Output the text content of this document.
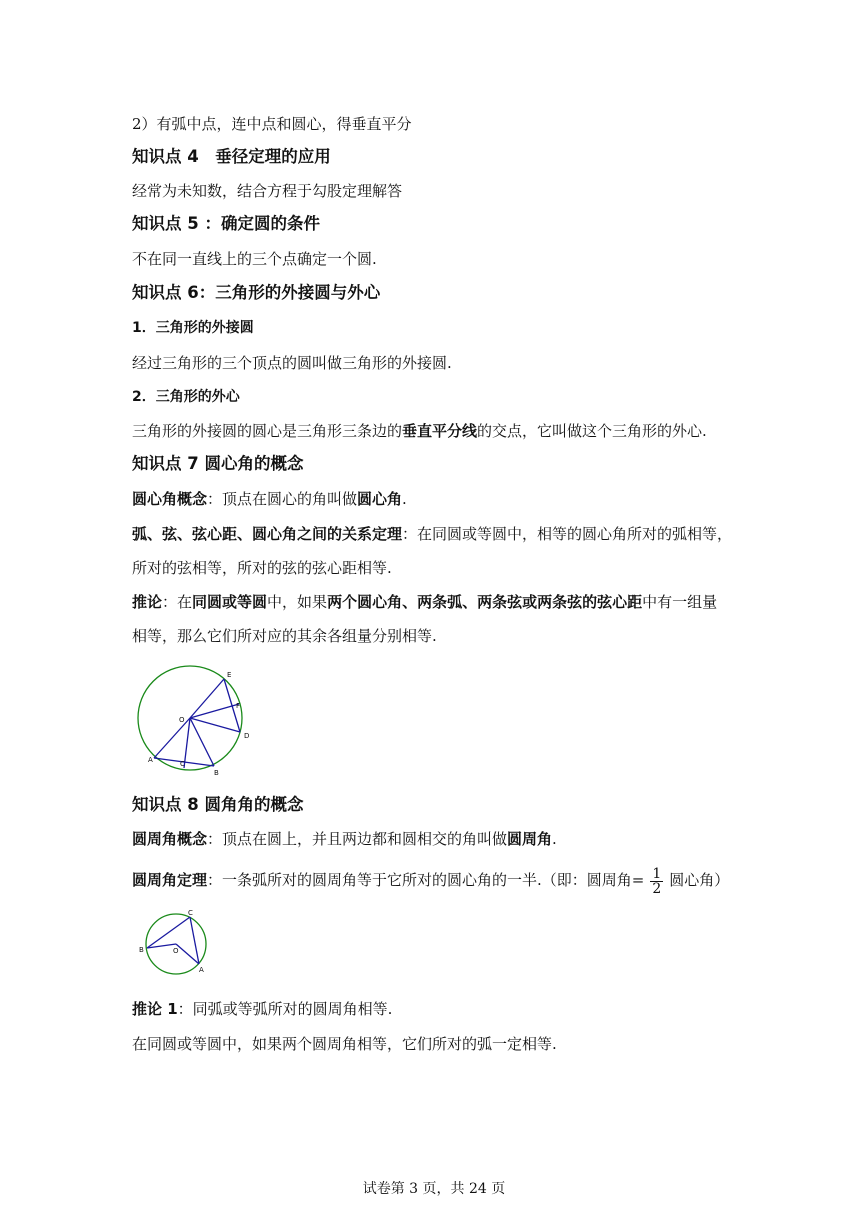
2）有弧中点，连中点和圆心，得垂直平分
知识点 4　垂径定理的应用
经常为未知数，结合方程于勾股定理解答
知识点 5 ：确定圆的条件
不在同一直线上的三个点确定一个圆.
知识点 6：三角形的外接圆与外心
1．三角形的外接圆
经过三角形的三个顶点的圆叫做三角形的外接圆.
2．三角形的外心
三角形的外接圆的圆心是三角形三条边的垂直平分线的交点，它叫做这个三角形的外心.
知识点 7 圆心角的概念
圆心角概念：顶点在圆心的角叫做圆心角.
弧、弦、弦心距、圆心角之间的关系定理：在同圆或等圆中，相等的圆心角所对的弧相等，
所对的弦相等，所对的弦的弦心距相等.
推论：在同圆或等圆中，如果两个圆心角、两条弧、两条弦或两条弦的弦心距中有一组量
相等，那么它们所对应的其余各组量分别相等.
O
E
F
D
A	C
B
知识点 8 圆角角的概念
圆周角概念：顶点在圆上，并且两边都和圆相交的角叫做圆周角.
圆周角定理：一条弧所对的圆周角等于它所对的圆心角的一半.（即：圆周角= $\frac{1}{2}$ 圆心角）
C
B	O
A
推论 1：同弧或等弧所对的圆周角相等.
在同圆或等圆中，如果两个圆周角相等，它们所对的弧一定相等.
试卷第 3 页，共 24 页
